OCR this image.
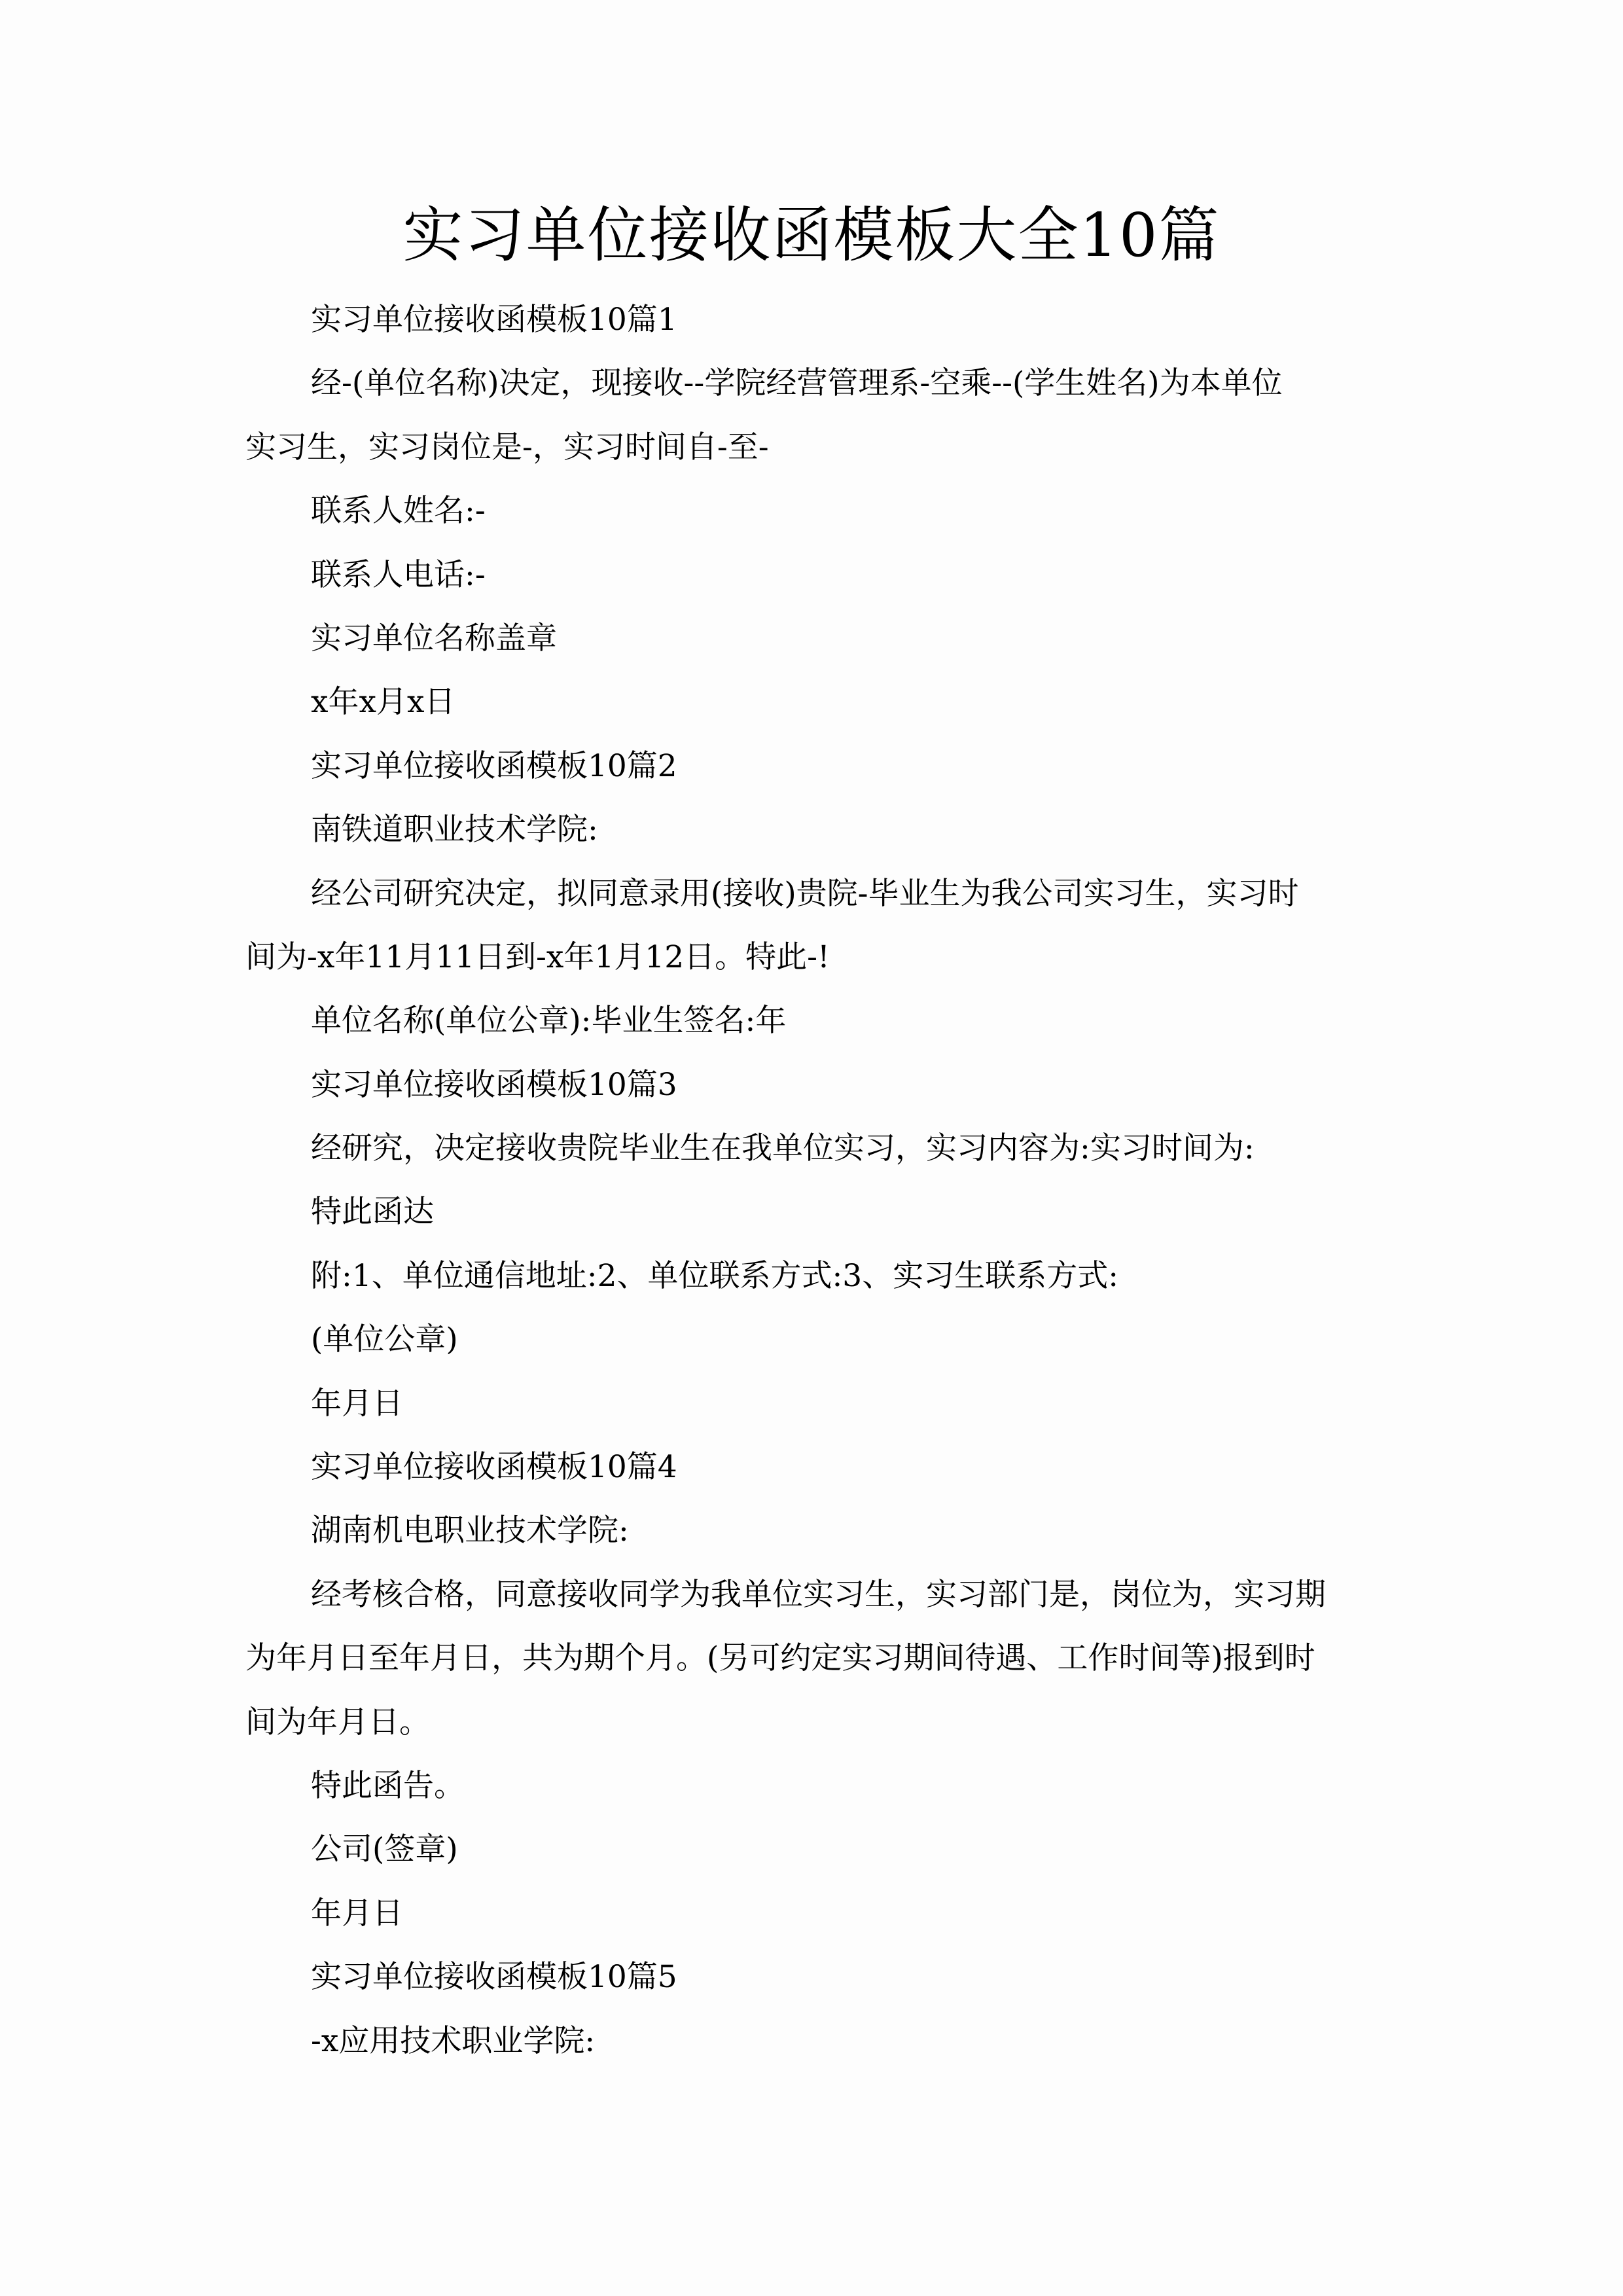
实习单位接收函模板大全10篇
实习单位接收函模板10篇1
经-(单位名称)决定，现接收--学院经营管理系-空乘--(学生姓名)为本单位
实习生，实习岗位是-，实习时间自-至-
联系人姓名:-
联系人电话:-
实习单位名称盖章
x年x月x日
实习单位接收函模板10篇2
南铁道职业技术学院:
经公司研究决定，拟同意录用(接收)贵院-毕业生为我公司实习生，实习时
间为-x年11月11日到-x年1月12日。特此-!
单位名称(单位公章):毕业生签名:年
实习单位接收函模板10篇3
经研究，决定接收贵院毕业生在我单位实习，实习内容为:实习时间为:
特此函达
附:1、单位通信地址:2、单位联系方式:3、实习生联系方式:
(单位公章)
年月日
实习单位接收函模板10篇4
湖南机电职业技术学院:
经考核合格，同意接收同学为我单位实习生，实习部门是，岗位为，实习期
为年月日至年月日，共为期个月。(另可约定实习期间待遇、工作时间等)报到时
间为年月日。
特此函告。
公司(签章)
年月日
实习单位接收函模板10篇5
-x应用技术职业学院:
